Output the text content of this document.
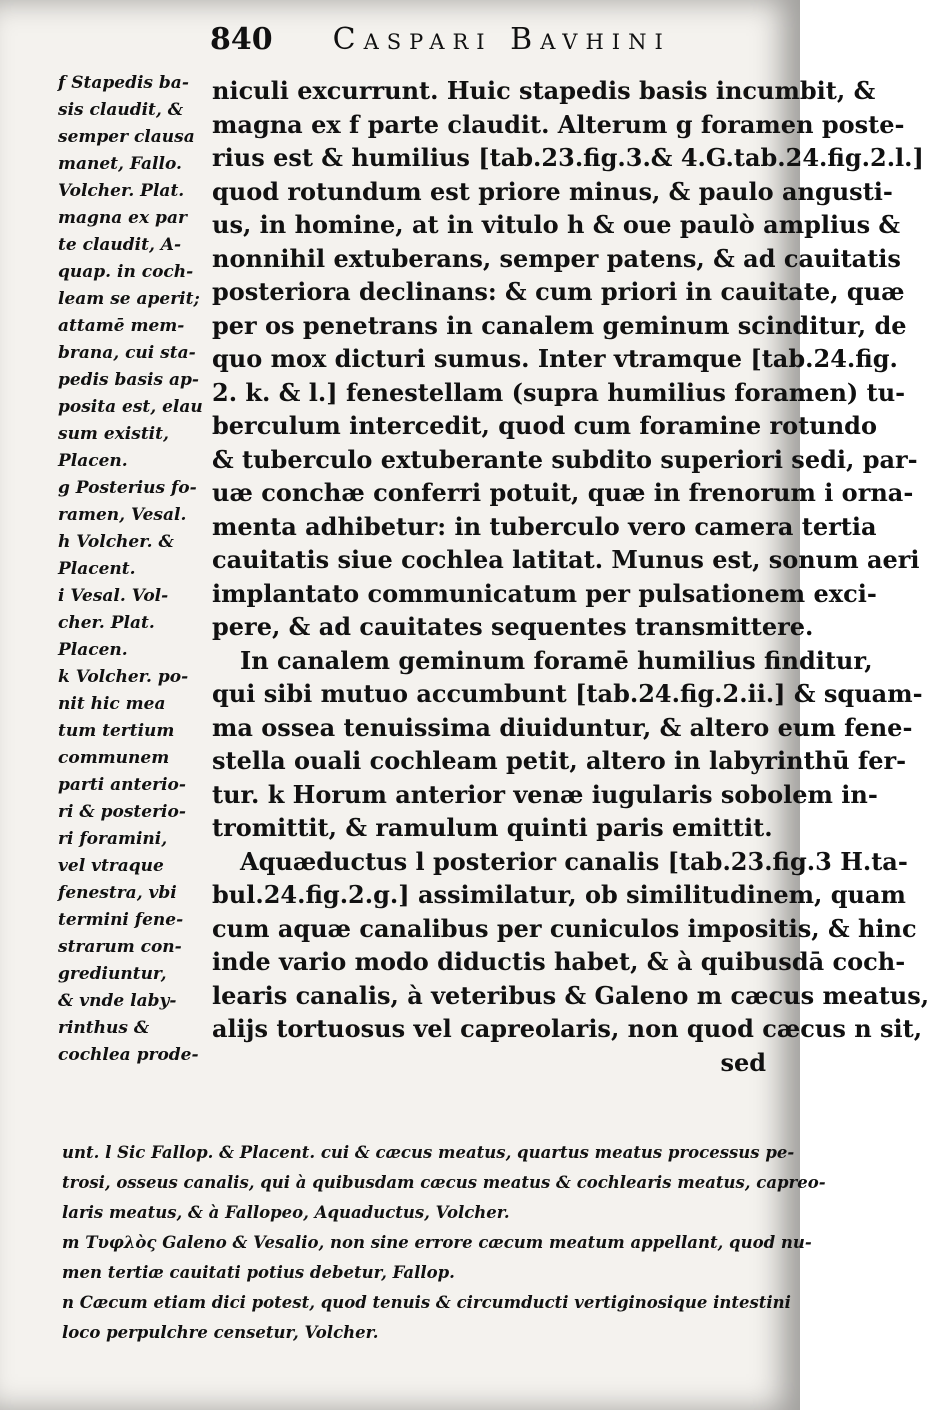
840 Caspari Bavhini
f Stapedis ba-
sis claudit, &
semper clausa
manet, Fallo.
Volcher. Plat.
magna ex par
te claudit, A-
quap. in coch-
leam se aperit;
attamē mem-
brana, cui sta-
pedis basis ap-
posita est, elau
sum existit,
Placen.
g Posterius fo-
ramen, Vesal.
h Volcher. &
Placent.
i Vesal. Vol-
cher. Plat.
Placen.
k Volcher. po-
nit hic mea
tum tertium
communem
parti anterio-
ri & posterio-
ri foramini,
vel vtraque
fenestra, vbi
termini fene-
strarum con-
grediuntur,
& vnde laby-
rinthus &
cochlea prode-
niculi excurrunt. Huic stapedis basis incumbit, &
magna ex f parte claudit. Alterum g foramen poste-
rius est & humilius [tab.23.fig.3.& 4.G.tab.24.fig.2.l.]
quod rotundum est priore minus, & paulo angusti-
us, in homine, at in vitulo h & oue paulò amplius &
nonnihil extuberans, semper patens, & ad cauitatis
posteriora declinans: & cum priori in cauitate, quæ
per os penetrans in canalem geminum scinditur, de
quo mox dicturi sumus. Inter vtramque [tab.24.fig.
2. k. & l.] fenestellam (supra humilius foramen) tu-
berculum intercedit, quod cum foramine rotundo
& tuberculo extuberante subdito superiori sedi, par-
uæ conchæ conferri potuit, quæ in frenorum i orna-
menta adhibetur: in tuberculo vero camera tertia
cauitatis siue cochlea latitat. Munus est, sonum aeri
implantato communicatum per pulsationem exci-
pere, & ad cauitates sequentes transmittere.
In canalem geminum foramē humilius finditur,
qui sibi mutuo accumbunt [tab.24.fig.2.ii.] & squam-
ma ossea tenuissima diuiduntur, & altero eum fene-
stella ouali cochleam petit, altero in labyrinthū fer-
tur. k Horum anterior venæ iugularis sobolem in-
tromittit, & ramulum quinti paris emittit.
Aquæductus l posterior canalis [tab.23.fig.3 H.ta-
bul.24.fig.2.g.] assimilatur, ob similitudinem, quam
cum aquæ canalibus per cuniculos impositis, & hinc
inde vario modo diductis habet, & à quibusdā coch-
learis canalis, à veteribus & Galeno m cæcus meatus,
alijs tortuosus vel capreolaris, non quod cæcus n sit,
sed
unt. l Sic Fallop. & Placent. cui & cæcus meatus, quartus meatus processus pe-
trosi, osseus canalis, qui à quibusdam cæcus meatus & cochlearis meatus, capreo-
laris meatus, & à Fallopeo, Aquaductus, Volcher.
m Τυφλὸς Galeno & Vesalio, non sine errore cæcum meatum appellant, quod nu-
men tertiæ cauitati potius debetur, Fallop.
n Cæcum etiam dici potest, quod tenuis & circumducti vertiginosique intestini
loco perpulchre censetur, Volcher.
